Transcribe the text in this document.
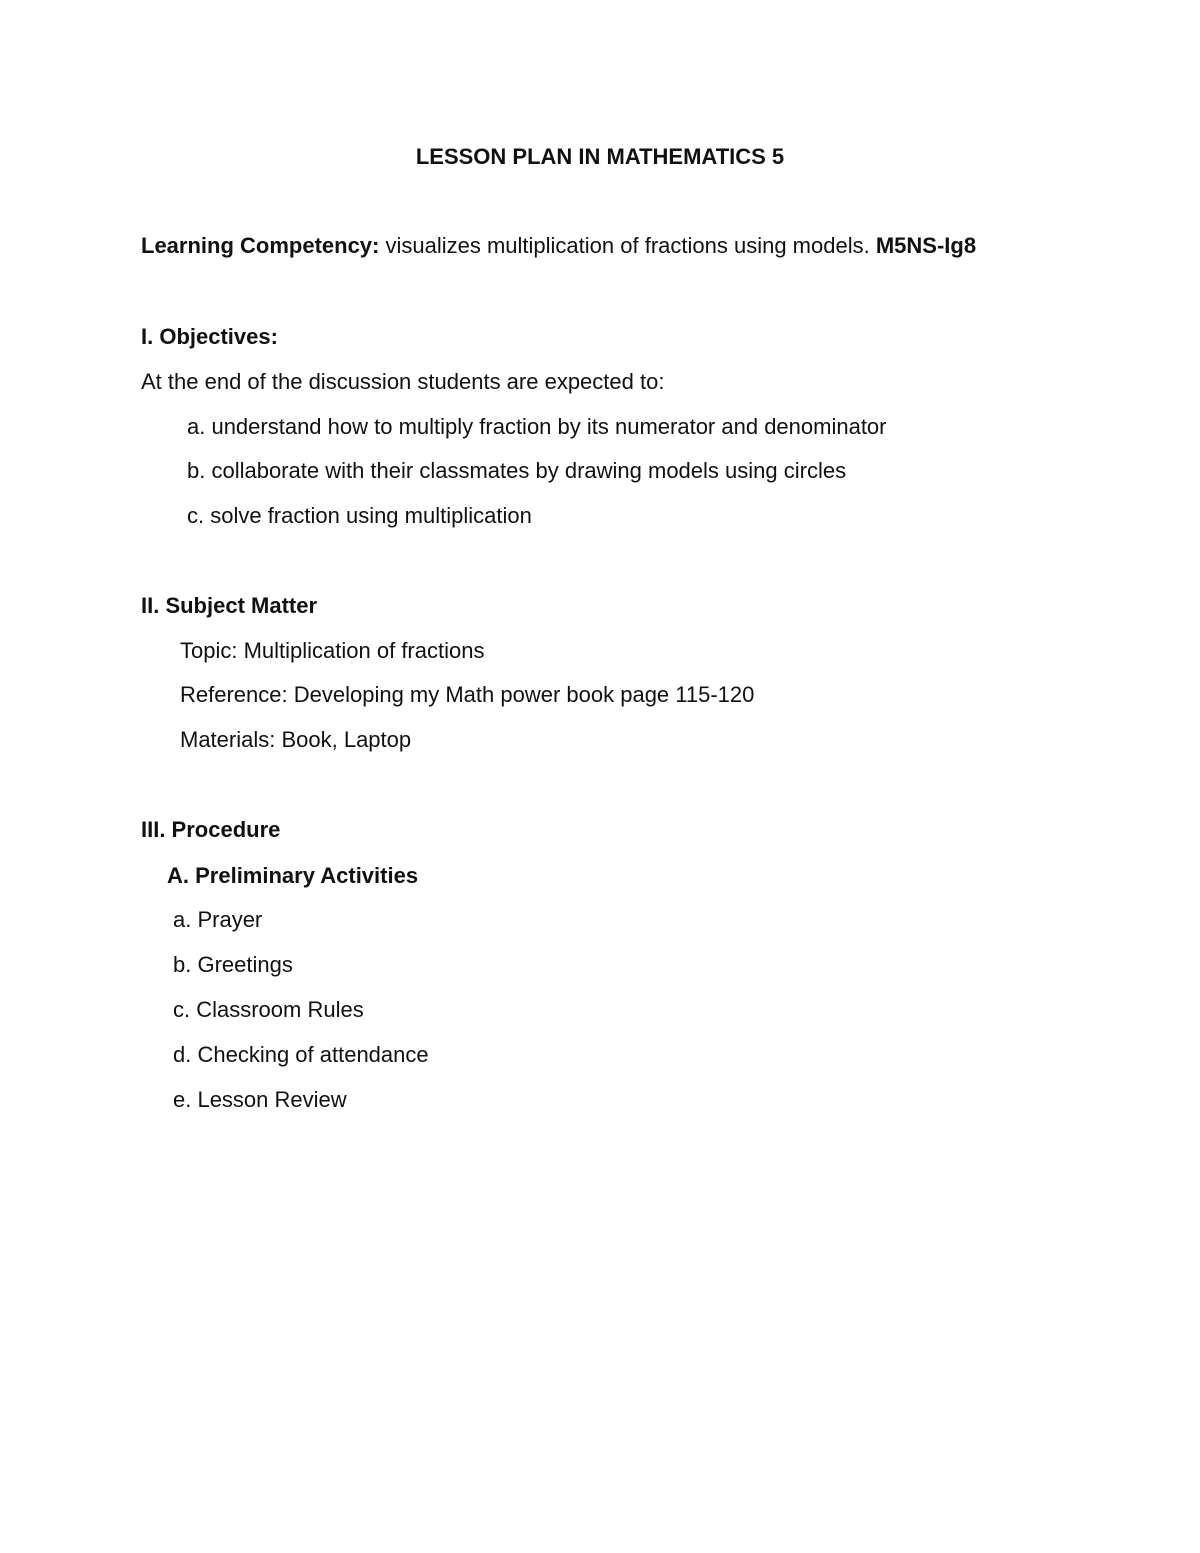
LESSON PLAN IN MATHEMATICS 5
Learning Competency: visualizes multiplication of fractions using models. M5NS-Ig8
I. Objectives:
At the end of the discussion students are expected to:
a. understand how to multiply fraction by its numerator and denominator
b. collaborate with their classmates by drawing models using circles
c. solve fraction using multiplication
II. Subject Matter
Topic: Multiplication of fractions
Reference: Developing my Math power book page 115-120
Materials: Book, Laptop
III. Procedure
A. Preliminary Activities
a. Prayer
b. Greetings
c. Classroom Rules
d. Checking of attendance
e. Lesson Review
